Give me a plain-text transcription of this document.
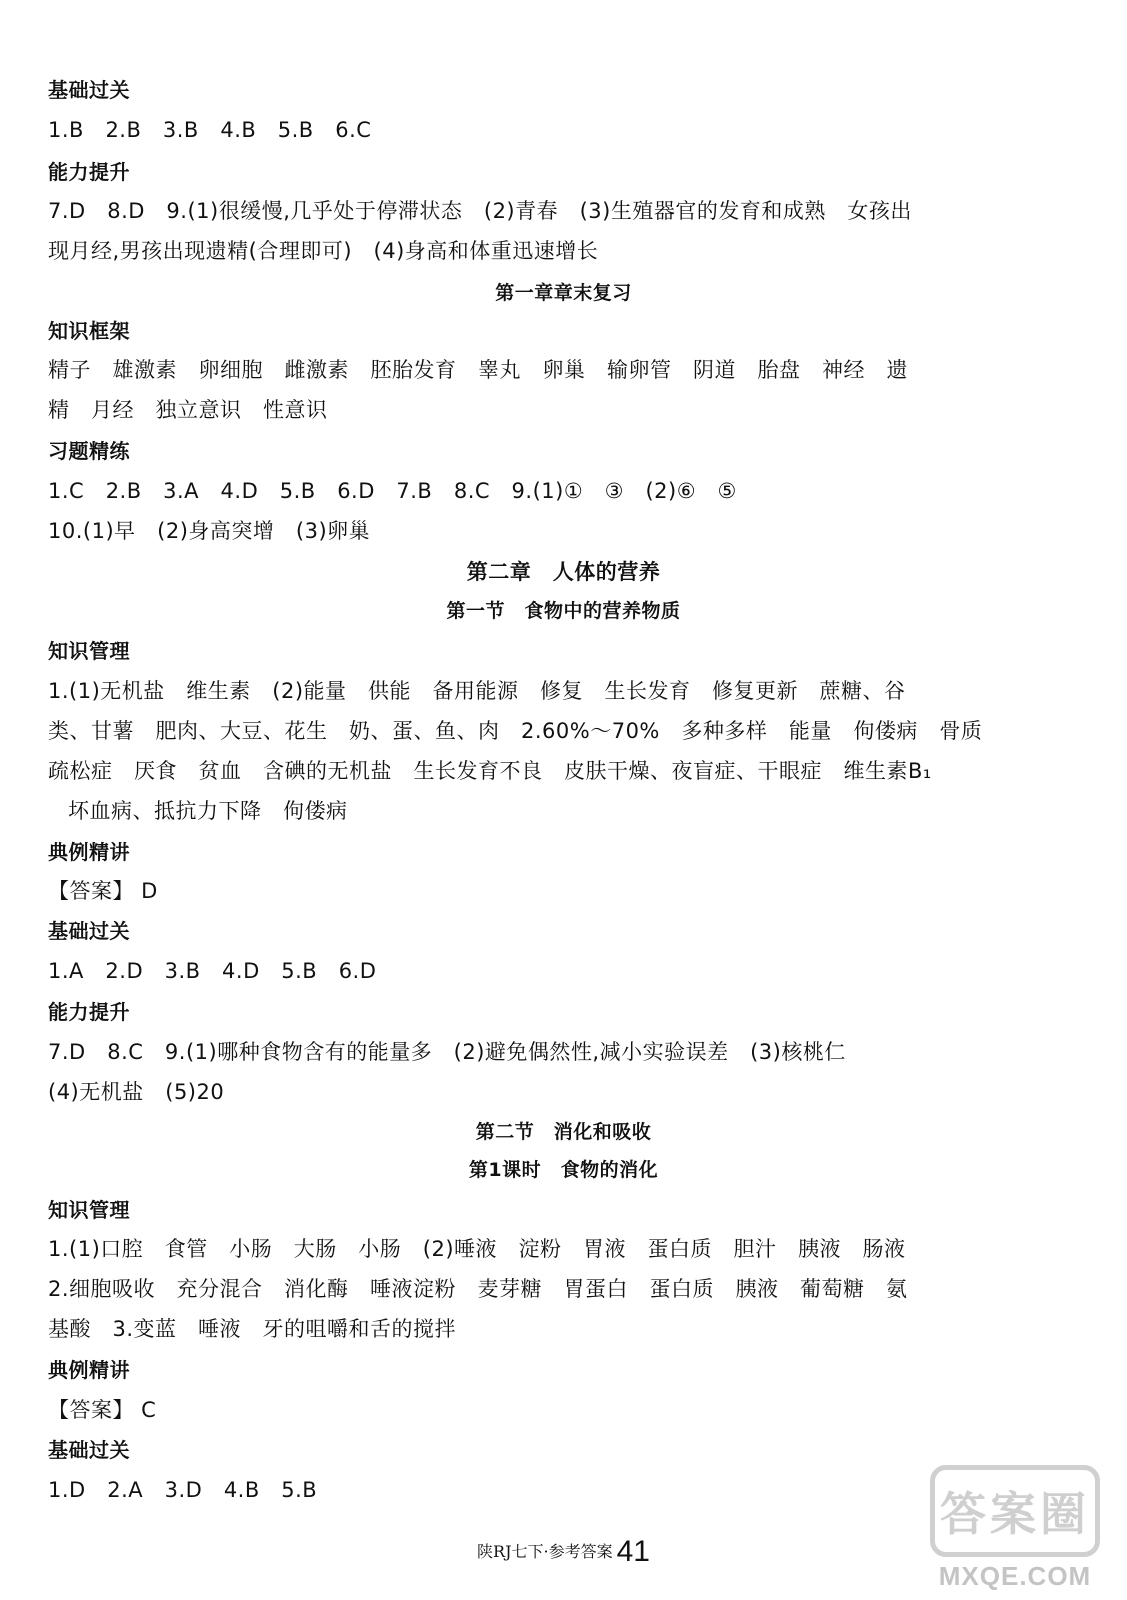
基础过关
1.B　2.B　3.B　4.B　5.B　6.C
能力提升
7.D　8.D　9.(1)很缓慢,几乎处于停滞状态　(2)青春　(3)生殖器官的发育和成熟　女孩出
现月经,男孩出现遗精(合理即可)　(4)身高和体重迅速增长
第一章章末复习
知识框架
精子　雄激素　卵细胞　雌激素　胚胎发育　睾丸　卵巢　输卵管　阴道　胎盘　神经　遗
精　月经　独立意识　性意识
习题精练
1.C　2.B　3.A　4.D　5.B　6.D　7.B　8.C　9.(1)①　③　(2)⑥　⑤
10.(1)早　(2)身高突增　(3)卵巢
第二章　人体的营养
第一节　食物中的营养物质
知识管理
1.(1)无机盐　维生素　(2)能量　供能　备用能源　修复　生长发育　修复更新　蔗糖、谷
类、甘薯　肥肉、大豆、花生　奶、蛋、鱼、肉　2.60%～70%　多种多样　能量　佝偻病　骨质
疏松症　厌食　贫血　含碘的无机盐　生长发育不良　皮肤干燥、夜盲症、干眼症　维生素B₁
坏血病、抵抗力下降　佝偻病
典例精讲
【答案】 D
基础过关
1.A　2.D　3.B　4.D　5.B　6.D
能力提升
7.D　8.C　9.(1)哪种食物含有的能量多　(2)避免偶然性,减小实验误差　(3)核桃仁
(4)无机盐　(5)20
第二节　消化和吸收
第1课时　食物的消化
知识管理
1.(1)口腔　食管　小肠　大肠　小肠　(2)唾液　淀粉　胃液　蛋白质　胆汁　胰液　肠液
2.细胞吸收　充分混合　消化酶　唾液淀粉　麦芽糖　胃蛋白　蛋白质　胰液　葡萄糖　氨
基酸　3.变蓝　唾液　牙的咀嚼和舌的搅拌
典例精讲
【答案】 C
基础过关
1.D　2.A　3.D　4.B　5.B
陕RJ七下·参考答案 41
答案圈
MXQE.COM
